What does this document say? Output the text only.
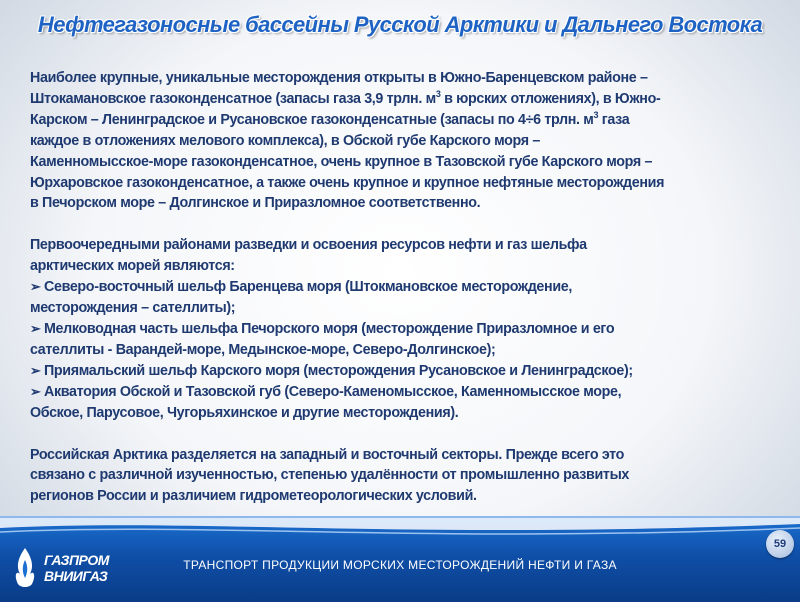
Нефтегазоносные бассейны Русской Арктики и Дальнего Востока

Наиболее крупные, уникальные месторождения открыты в Южно-Баренцевском районе –
Штокамановское газоконденсатное (запасы газа 3,9 трлн. $м^3$ в юрских отложениях), в Южно-
Карском – Ленинградское и Русановское газоконденсатные (запасы по 4÷6 трлн. $м^3$ газа
каждое в отложениях мелового комплекса), в Обской губе Карского моря –
Каменномысское-море газоконденсатное, очень крупное в Тазовской губе Карского моря –
Юрхаровское газоконденсатное, а также очень крупное и крупное нефтяные месторождения
в Печорском море – Долгинское и Приразломное соответственно.

Первоочередными районами разведки и освоения ресурсов нефти и газ шельфа
арктических морей являются:

➢ Северо-восточный шельф Баренцева моря (Штокмановское месторождение,
месторождения – сателлиты);
➢ Мелководная часть шельфа Печорского моря (месторождение Приразломное и его
сателлиты - Варандей-море, Медынское-море, Северо-Долгинское);
➢ Приямальский шельф Карского моря (месторождения Русановское и Ленинградское);
➢ Акватория Обской и Тазовской губ (Северо-Каменомысское, Каменномысское море,
Обское, Парусовое, Чугорьяхинское и другие месторождения).

Российская Арктика разделяется на западный и восточный секторы. Прежде всего это
связано с различной изученностью, степенью удалённости от промышленно развитых
регионов России и различием гидрометеорологических условий.

ГАЗПРОМ
ВНИИГАЗ
ТРАНСПОРТ ПРОДУКЦИИ МОРСКИХ МЕСТОРОЖДЕНИЙ НЕФТИ И ГАЗА
59
